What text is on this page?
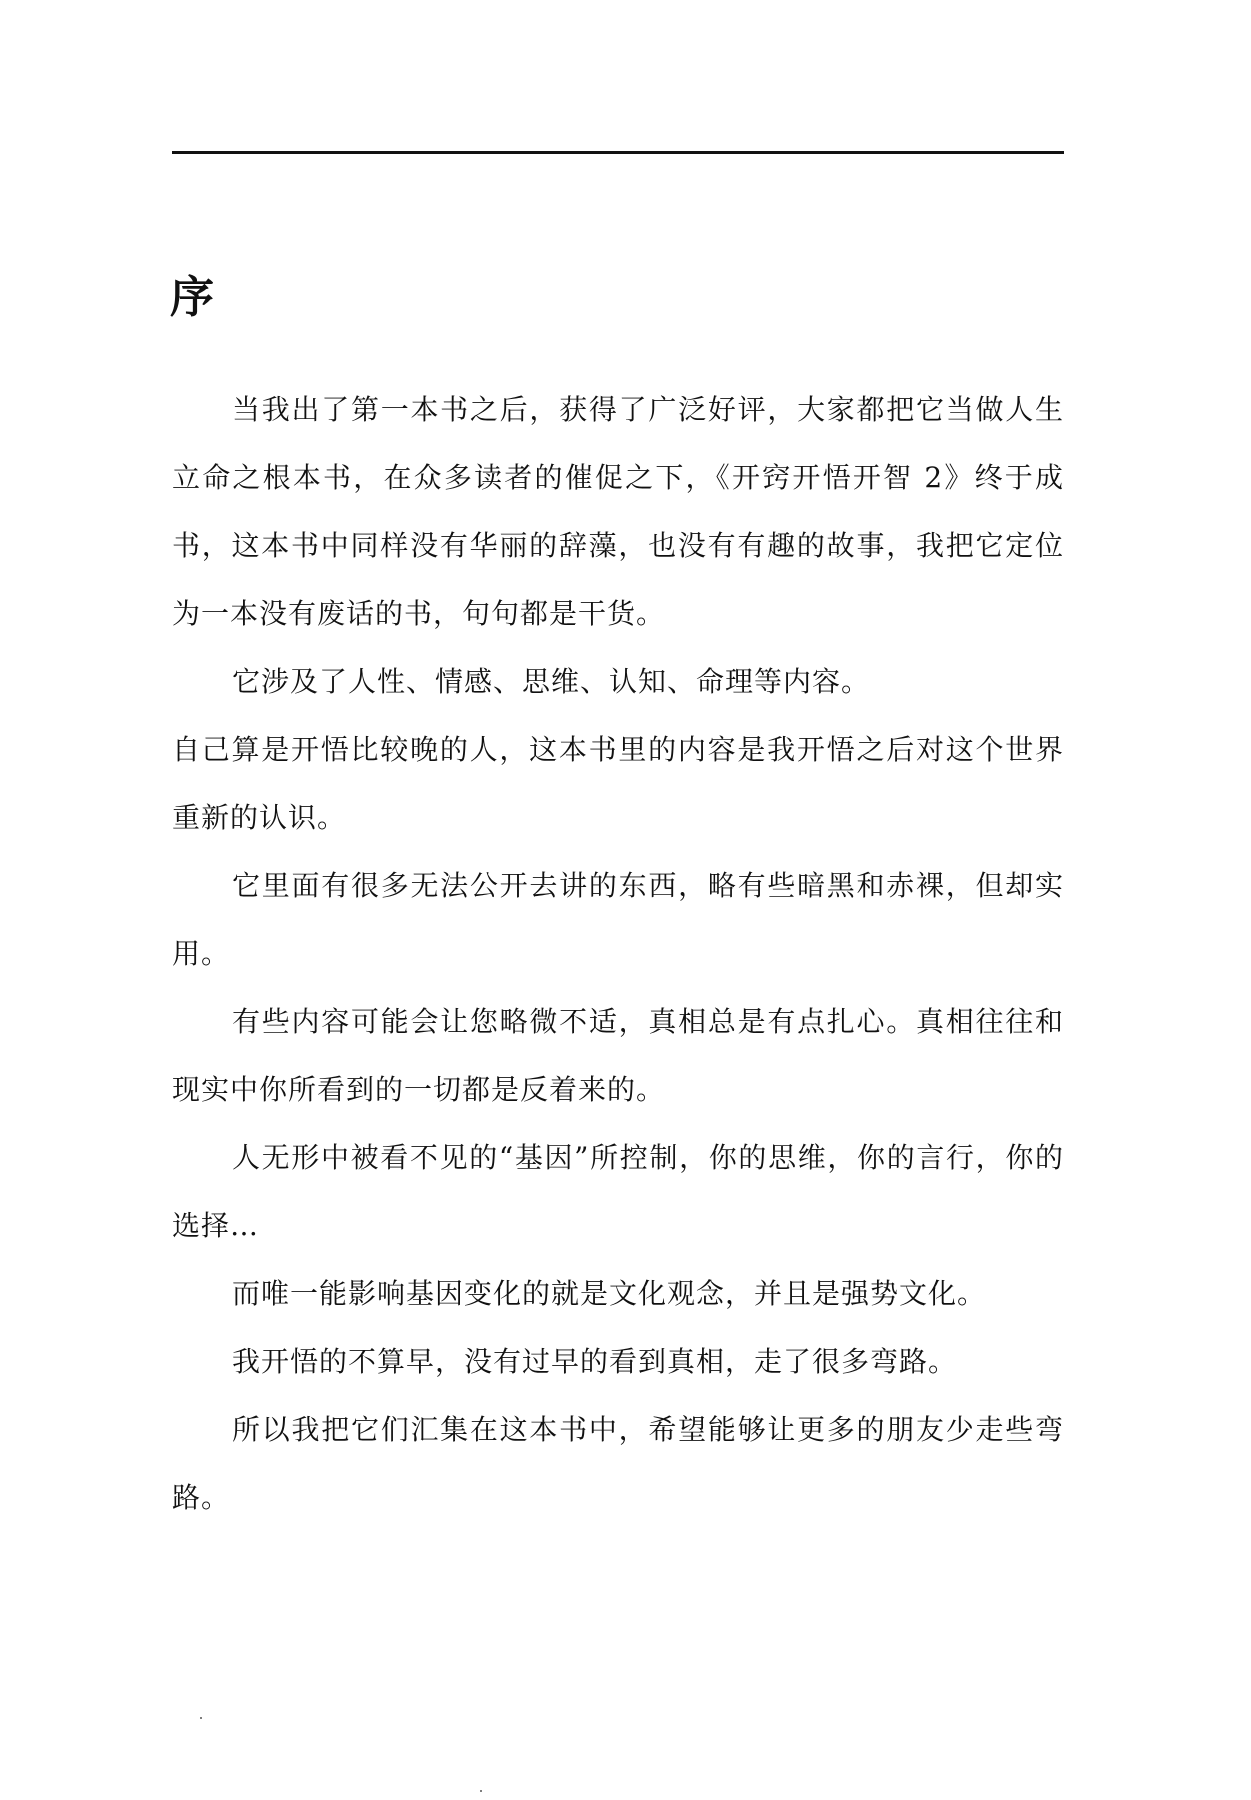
序

当我出了第一本书之后，获得了广泛好评，大家都把它当做人生立命之根本书，在众多读者的催促之下，《开窍开悟开智 2》终于成书，这本书中同样没有华丽的辞藻，也没有有趣的故事，我把它定位为一本没有废话的书，句句都是干货。

它涉及了人性、情感、思维、认知、命理等内容。

自己算是开悟比较晚的人，这本书里的内容是我开悟之后对这个世界重新的认识。

它里面有很多无法公开去讲的东西，略有些暗黑和赤裸，但却实用。

有些内容可能会让您略微不适，真相总是有点扎心。真相往往和现实中你所看到的一切都是反着来的。

人无形中被看不见的“基因”所控制，你的思维，你的言行，你的选择…

而唯一能影响基因变化的就是文化观念，并且是强势文化。

我开悟的不算早，没有过早的看到真相，走了很多弯路。

所以我把它们汇集在这本书中，希望能够让更多的朋友少走些弯路。
